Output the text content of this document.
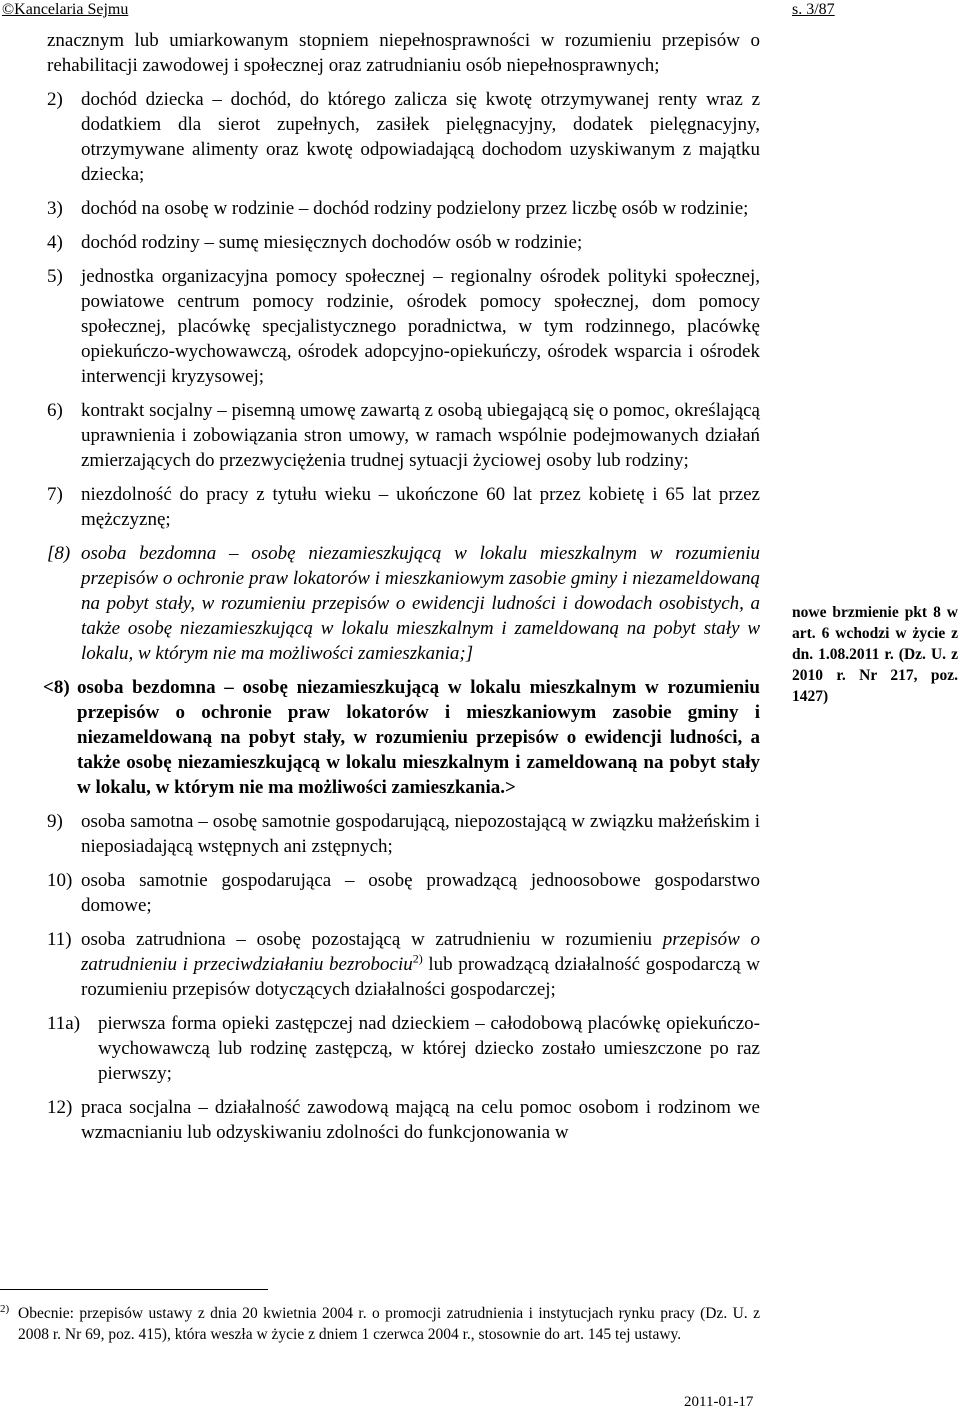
©Kancelaria Sejmu	s. 3/87

znacznym lub umiarkowanym stopniem niepełnosprawności w rozumieniu przepisów o rehabilitacji zawodowej i społecznej oraz zatrudnianiu osób niepełnosprawnych;

2) dochód dziecka – dochód, do którego zalicza się kwotę otrzymywanej renty wraz z dodatkiem dla sierot zupełnych, zasiłek pielęgnacyjny, dodatek pielęgnacyjny, otrzymywane alimenty oraz kwotę odpowiadającą dochodom uzyskiwanym z majątku dziecka;

3) dochód na osobę w rodzinie – dochód rodziny podzielony przez liczbę osób w rodzinie;

4) dochód rodziny – sumę miesięcznych dochodów osób w rodzinie;

5) jednostka organizacyjna pomocy społecznej – regionalny ośrodek polityki społecznej, powiatowe centrum pomocy rodzinie, ośrodek pomocy społecznej, dom pomocy społecznej, placówkę specjalistycznego poradnictwa, w tym rodzinnego, placówkę opiekuńczo-wychowawczą, ośrodek adopcyjno-opiekuńczy, ośrodek wsparcia i ośrodek interwencji kryzysowej;

6) kontrakt socjalny – pisemną umowę zawartą z osobą ubiegającą się o pomoc, określającą uprawnienia i zobowiązania stron umowy, w ramach wspólnie podejmowanych działań zmierzających do przezwyciężenia trudnej sytuacji życiowej osoby lub rodziny;

7) niezdolność do pracy z tytułu wieku – ukończone 60 lat przez kobietę i 65 lat przez mężczyznę;

[8) osoba bezdomna – osobę niezamieszkującą w lokalu mieszkalnym w rozumieniu przepisów o ochronie praw lokatorów i mieszkaniowym zasobie gminy i niezameldowaną na pobyt stały, w rozumieniu przepisów o ewidencji ludności i dowodach osobistych, a także osobę niezamieszkującą w lokalu mieszkalnym i zameldowaną na pobyt stały w lokalu, w którym nie ma możliwości zamieszkania;]

<8) osoba bezdomna – osobę niezamieszkującą w lokalu mieszkalnym w rozumieniu przepisów o ochronie praw lokatorów i mieszkaniowym zasobie gminy i niezameldowaną na pobyt stały, w rozumieniu przepisów o ewidencji ludności, a także osobę niezamieszkującą w lokalu mieszkalnym i zameldowaną na pobyt stały w lokalu, w którym nie ma możliwości zamieszkania.>

9) osoba samotna – osobę samotnie gospodarującą, niepozostającą w związku małżeńskim i nieposiadającą wstępnych ani zstępnych;

10) osoba samotnie gospodarująca – osobę prowadzącą jednoosobowe gospodarstwo domowe;

11) osoba zatrudniona – osobę pozostającą w zatrudnieniu w rozumieniu przepisów o zatrudnieniu i przeciwdziałaniu bezrobociu$^{2)}$ lub prowadzącą działalność gospodarczą w rozumieniu przepisów dotyczących działalności gospodarczej;

11a) pierwsza forma opieki zastępczej nad dzieckiem – całodobową placówkę opiekuńczo-wychowawczą lub rodzinę zastępczą, w której dziecko zostało umieszczone po raz pierwszy;

12) praca socjalna – działalność zawodową mającą na celu pomoc osobom i rodzinom we wzmacnianiu lub odzyskiwaniu zdolności do funkcjonowania w

nowe brzmienie pkt 8 w art. 6 wchodzi w życie z dn. 1.08.2011 r. (Dz. U. z 2010 r. Nr 217, poz. 1427)
2) Obecnie: przepisów ustawy z dnia 20 kwietnia 2004 r. o promocji zatrudnienia i instytucjach rynku pracy (Dz. U. z 2008 r. Nr 69, poz. 415), która weszła w życie z dniem 1 czerwca 2004 r., stosownie do art. 145 tej ustawy.

2011-01-17
